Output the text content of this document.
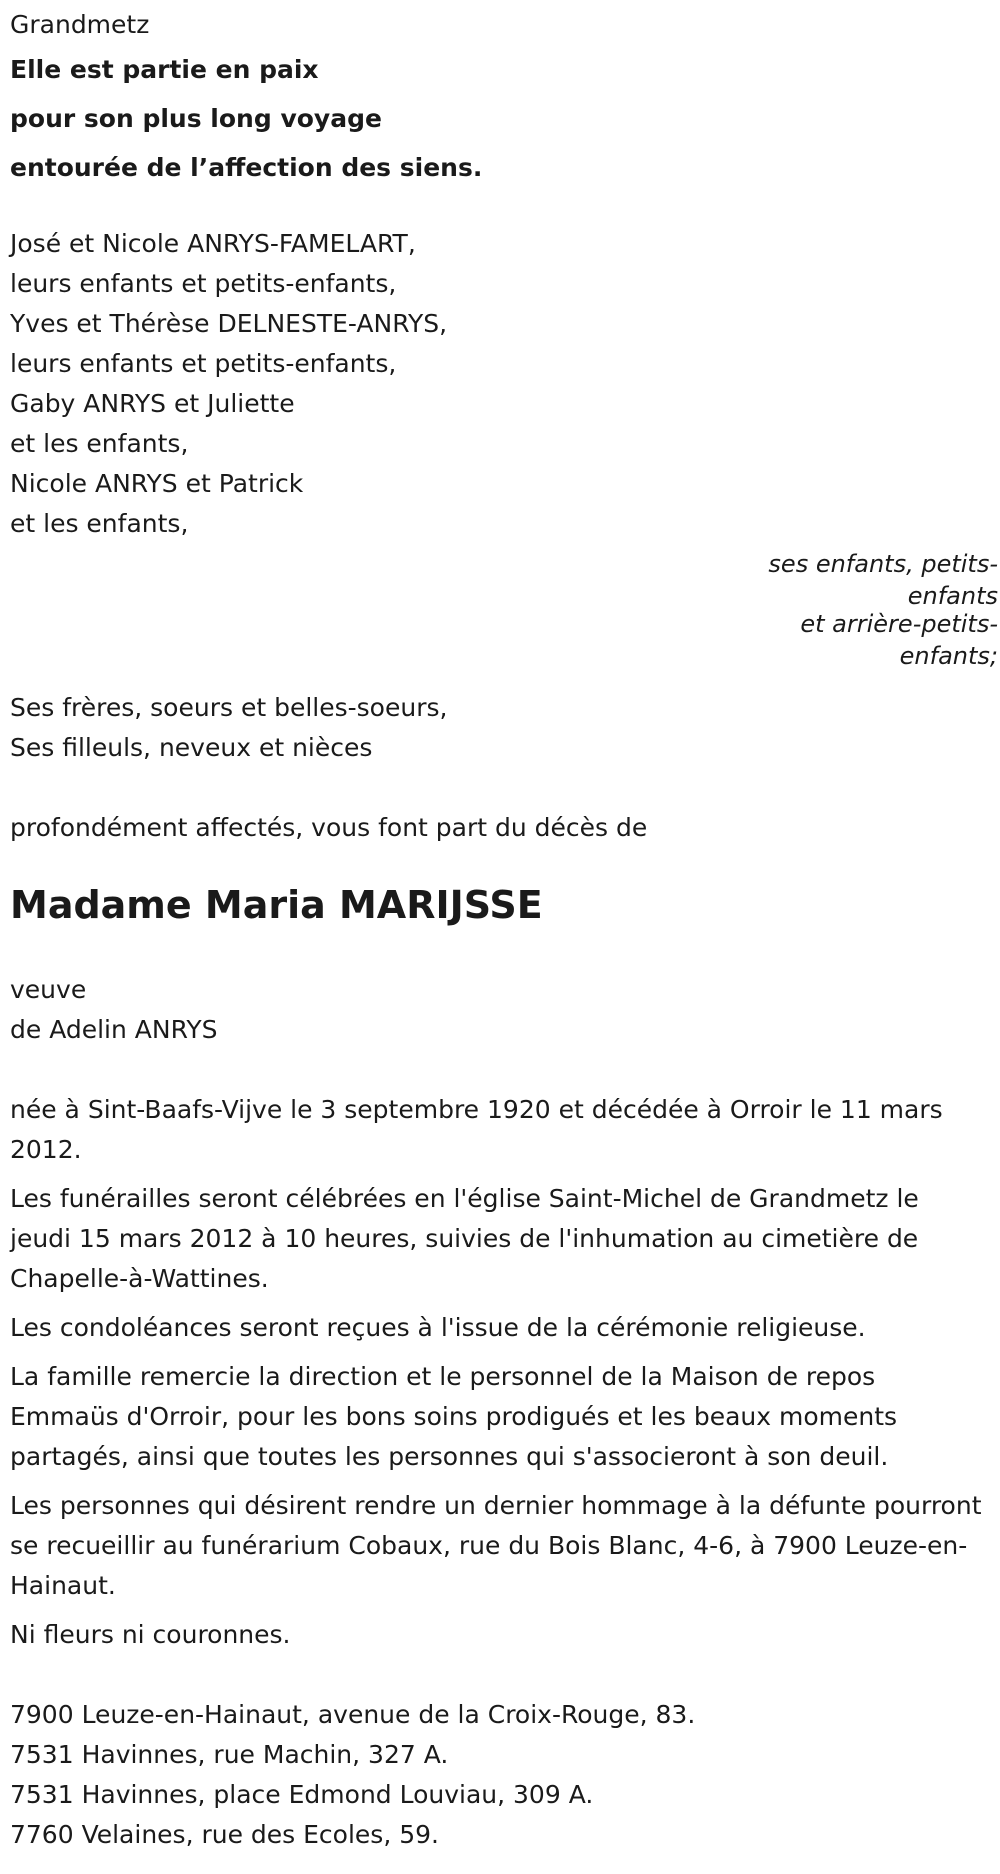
Grandmetz
Elle est partie en paix
pour son plus long voyage
entourée de l’affection des siens.
José et Nicole ANRYS-FAMELART,
leurs enfants et petits-enfants,
Yves et Thérèse DELNESTE-ANRYS,
leurs enfants et petits-enfants,
Gaby ANRYS et Juliette
et les enfants,
Nicole ANRYS et Patrick
et les enfants,
ses enfants, petits-enfants
et arrière-petits-
enfants;
Ses frères, soeurs et belles-soeurs,
Ses filleuls, neveux et nièces
profondément affectés, vous font part du décès de
Madame Maria MARIJSSE
veuve
de Adelin ANRYS

née à Sint-Baafs-Vijve le 3 septembre 1920 et décédée à Orroir le 11 mars 2012.

Les funérailles seront célébrées en l'église Saint-Michel de Grandmetz le jeudi 15 mars 2012 à 10 heures, suivies de l'inhumation au cimetière de Chapelle-à-Wattines.

Les condoléances seront reçues à l'issue de la cérémonie religieuse.

La famille remercie la direction et le personnel de la Maison de repos Emmaüs d'Orroir, pour les bons soins prodigués et les beaux moments partagés, ainsi que toutes les personnes qui s'associeront à son deuil.

Les personnes qui désirent rendre un dernier hommage à la défunte pourront se recueillir au funérarium Cobaux, rue du Bois Blanc, 4-6, à 7900 Leuze-en-Hainaut.

Ni fleurs ni couronnes.

7900 Leuze-en-Hainaut, avenue de la Croix-Rouge, 83.
7531 Havinnes, rue Machin, 327 A.
7531 Havinnes, place Edmond Louviau, 309 A.
7760 Velaines, rue des Ecoles, 59.
